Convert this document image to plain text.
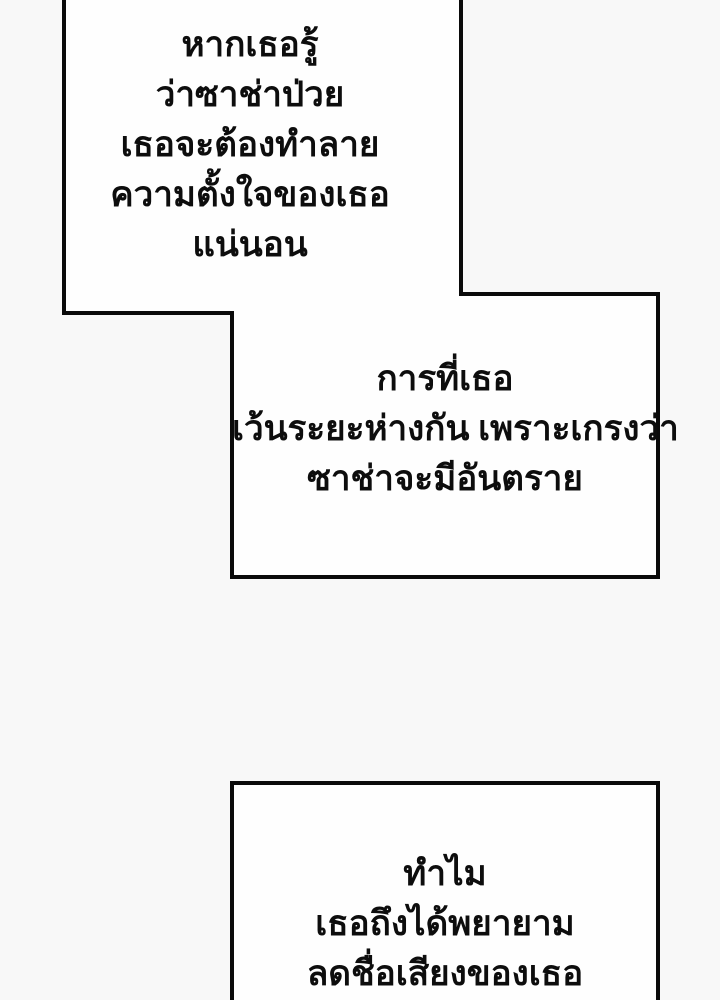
หากเธอรู้
ว่าซาช่าป่วย
เธอจะต้องทำลาย
ความตั้งใจของเธอ
แน่นอน
การที่เธอ
เว้นระยะห่างกัน เพราะเกรงว่า
ซาช่าจะมีอันตราย
ทำไม
เธอถึงได้พยายาม
ลดชื่อเสียงของเธอ
